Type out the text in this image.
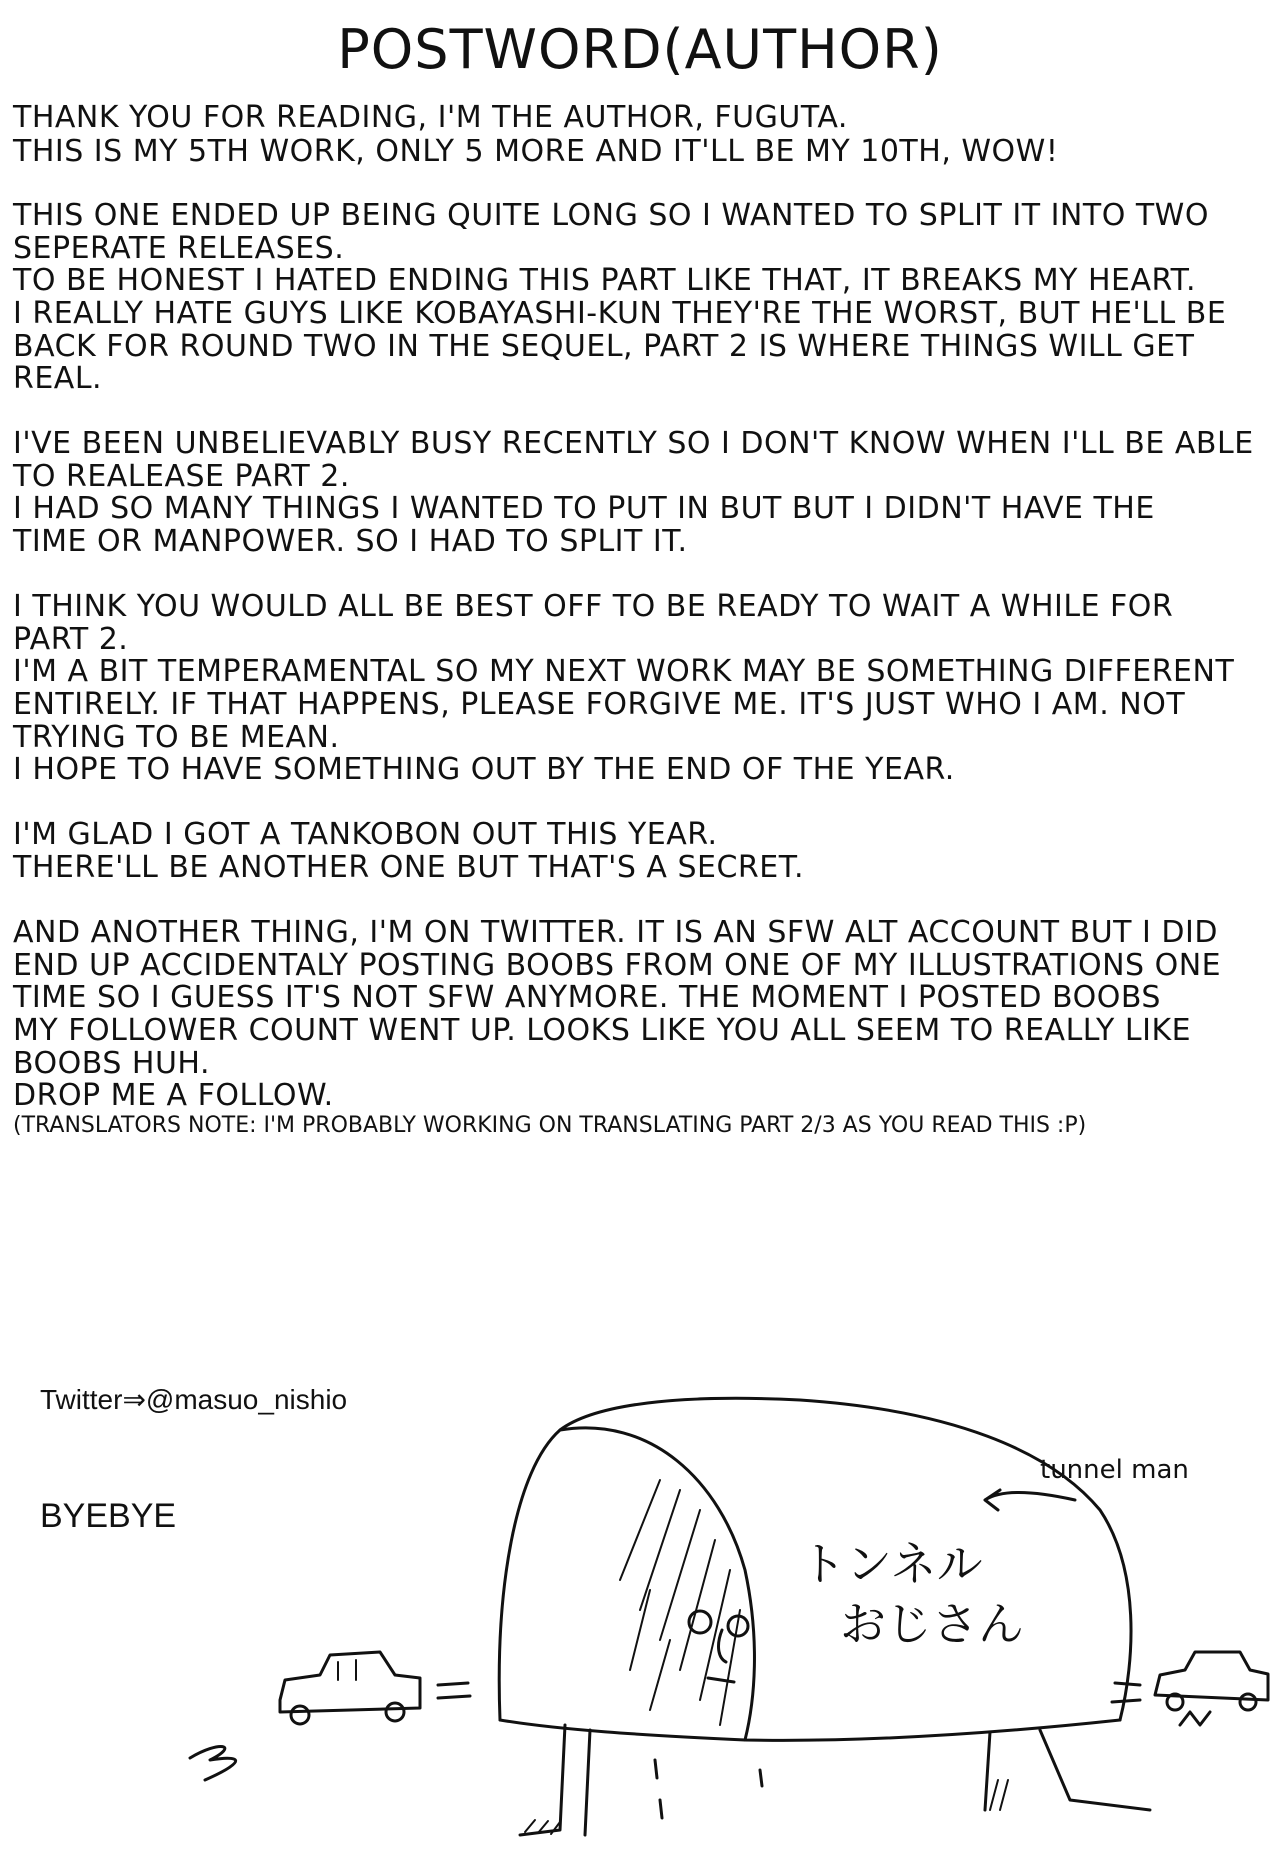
POSTWORD(AUTHOR)
THANK YOU FOR READING, I'M THE AUTHOR, FUGUTA.
THIS IS MY 5TH WORK, ONLY 5 MORE AND IT'LL BE MY 10TH, WOW!
THIS ONE ENDED UP BEING QUITE LONG SO I WANTED TO SPLIT IT INTO TWO
SEPERATE RELEASES.
TO BE HONEST I HATED ENDING THIS PART LIKE THAT, IT BREAKS MY HEART.
I REALLY HATE GUYS LIKE KOBAYASHI-KUN THEY'RE THE WORST, BUT HE'LL BE
BACK FOR ROUND TWO IN THE SEQUEL, PART 2 IS WHERE THINGS WILL GET
REAL.
I'VE BEEN UNBELIEVABLY BUSY RECENTLY SO I DON'T KNOW WHEN I'LL BE ABLE
TO REALEASE PART 2.
I HAD SO MANY THINGS I WANTED TO PUT IN BUT BUT I DIDN'T HAVE THE
TIME OR MANPOWER. SO I HAD TO SPLIT IT.
I THINK YOU WOULD ALL BE BEST OFF TO BE READY TO WAIT A WHILE FOR
PART 2.
I'M A BIT TEMPERAMENTAL SO MY NEXT WORK MAY BE SOMETHING DIFFERENT
ENTIRELY. IF THAT HAPPENS, PLEASE FORGIVE ME. IT'S JUST WHO I AM. NOT
TRYING TO BE MEAN.
I HOPE TO HAVE SOMETHING OUT BY THE END OF THE YEAR.
I'M GLAD I GOT A TANKOBON OUT THIS YEAR.
THERE'LL BE ANOTHER ONE BUT THAT'S A SECRET.
AND ANOTHER THING, I'M ON TWITTER. IT IS AN SFW ALT ACCOUNT BUT I DID
END UP ACCIDENTALY POSTING BOOBS FROM ONE OF MY ILLUSTRATIONS ONE
TIME SO I GUESS IT'S NOT SFW ANYMORE. THE MOMENT I POSTED BOOBS
MY FOLLOWER COUNT WENT UP. LOOKS LIKE YOU ALL SEEM TO REALLY LIKE
BOOBS HUH.
DROP ME A FOLLOW.
(TRANSLATORS NOTE: I'M PROBABLY WORKING ON TRANSLATING PART 2/3 AS YOU READ THIS :P)
Twitter⇒@masuo_nishio
BYEBYE
tunnel man
トンネル
おじさん
